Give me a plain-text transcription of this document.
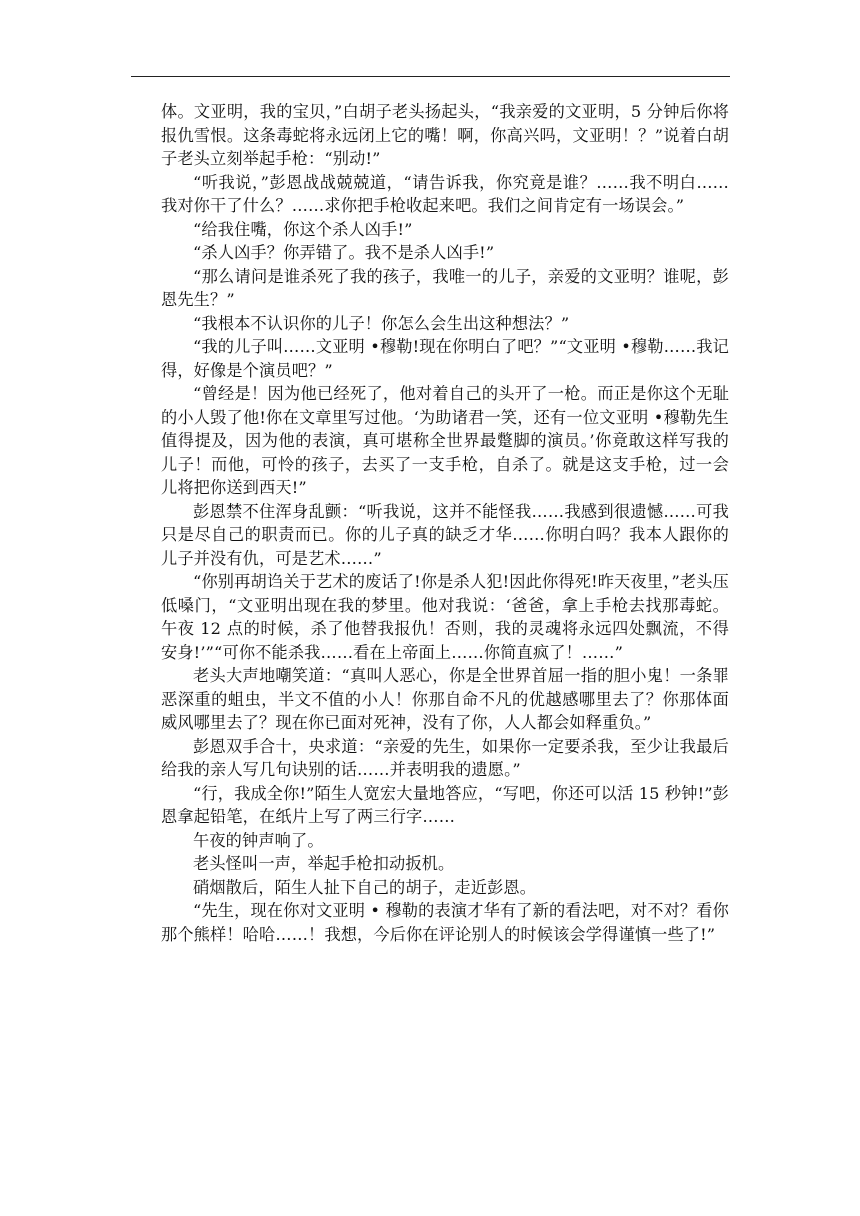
体。文亚明，我的宝贝，”白胡子老头扬起头，“我亲爱的文亚明，5 分钟后你将报仇雪恨。这条毒蛇将永远闭上它的嘴！啊，你高兴吗，文亚明！？”说着白胡子老头立刻举起手枪：“别动!”

“听我说，”彭恩战战兢兢道，“请告诉我，你究竟是谁？……我不明白……我对你干了什么？……求你把手枪收起来吧。我们之间肯定有一场误会。”

“给我住嘴，你这个杀人凶手!”

“杀人凶手？你弄错了。我不是杀人凶手!”

“那么请问是谁杀死了我的孩子，我唯一的儿子，亲爱的文亚明？谁呢，彭恩先生？”

“我根本不认识你的儿子！你怎么会生出这种想法？”

“我的儿子叫……文亚明 •穆勒!现在你明白了吧？”“文亚明 •穆勒……我记得，好像是个演员吧？”

“曾经是！因为他已经死了，他对着自己的头开了一枪。而正是你这个无耻的小人毁了他!你在文章里写过他。‘为助诸君一笑，还有一位文亚明 •穆勒先生值得提及，因为他的表演，真可堪称全世界最蹩脚的演员。’你竟敢这样写我的儿子！而他，可怜的孩子，去买了一支手枪，自杀了。就是这支手枪，过一会儿将把你送到西天!”

彭恩禁不住浑身乱颤：“听我说，这并不能怪我……我感到很遗憾……可我只是尽自己的职责而已。你的儿子真的缺乏才华……你明白吗？我本人跟你的儿子并没有仇，可是艺术……”

“你别再胡诌关于艺术的废话了!你是杀人犯!因此你得死!昨天夜里，”老头压低嗓门，“文亚明出现在我的梦里。他对我说：‘爸爸，拿上手枪去找那毒蛇。午夜 12 点的时候，杀了他替我报仇！否则，我的灵魂将永远四处飘流，不得安身!’”“可你不能杀我……看在上帝面上……你简直疯了！……”

老头大声地嘲笑道：“真叫人恶心，你是全世界首屈一指的胆小鬼！一条罪恶深重的蛆虫，半文不值的小人！你那自命不凡的优越感哪里去了？你那体面威风哪里去了？现在你已面对死神，没有了你，人人都会如释重负。”

彭恩双手合十，央求道：“亲爱的先生，如果你一定要杀我，至少让我最后给我的亲人写几句诀别的话……并表明我的遗愿。”

“行，我成全你!”陌生人宽宏大量地答应，“写吧，你还可以活 15 秒钟!”彭恩拿起铅笔，在纸片上写了两三行字……

午夜的钟声响了。

老头怪叫一声，举起手枪扣动扳机。

硝烟散后，陌生人扯下自己的胡子，走近彭恩。

“先生，现在你对文亚明 • 穆勒的表演才华有了新的看法吧，对不对？看你那个熊样！哈哈……！我想，今后你在评论别人的时候该会学得谨慎一些了!”
